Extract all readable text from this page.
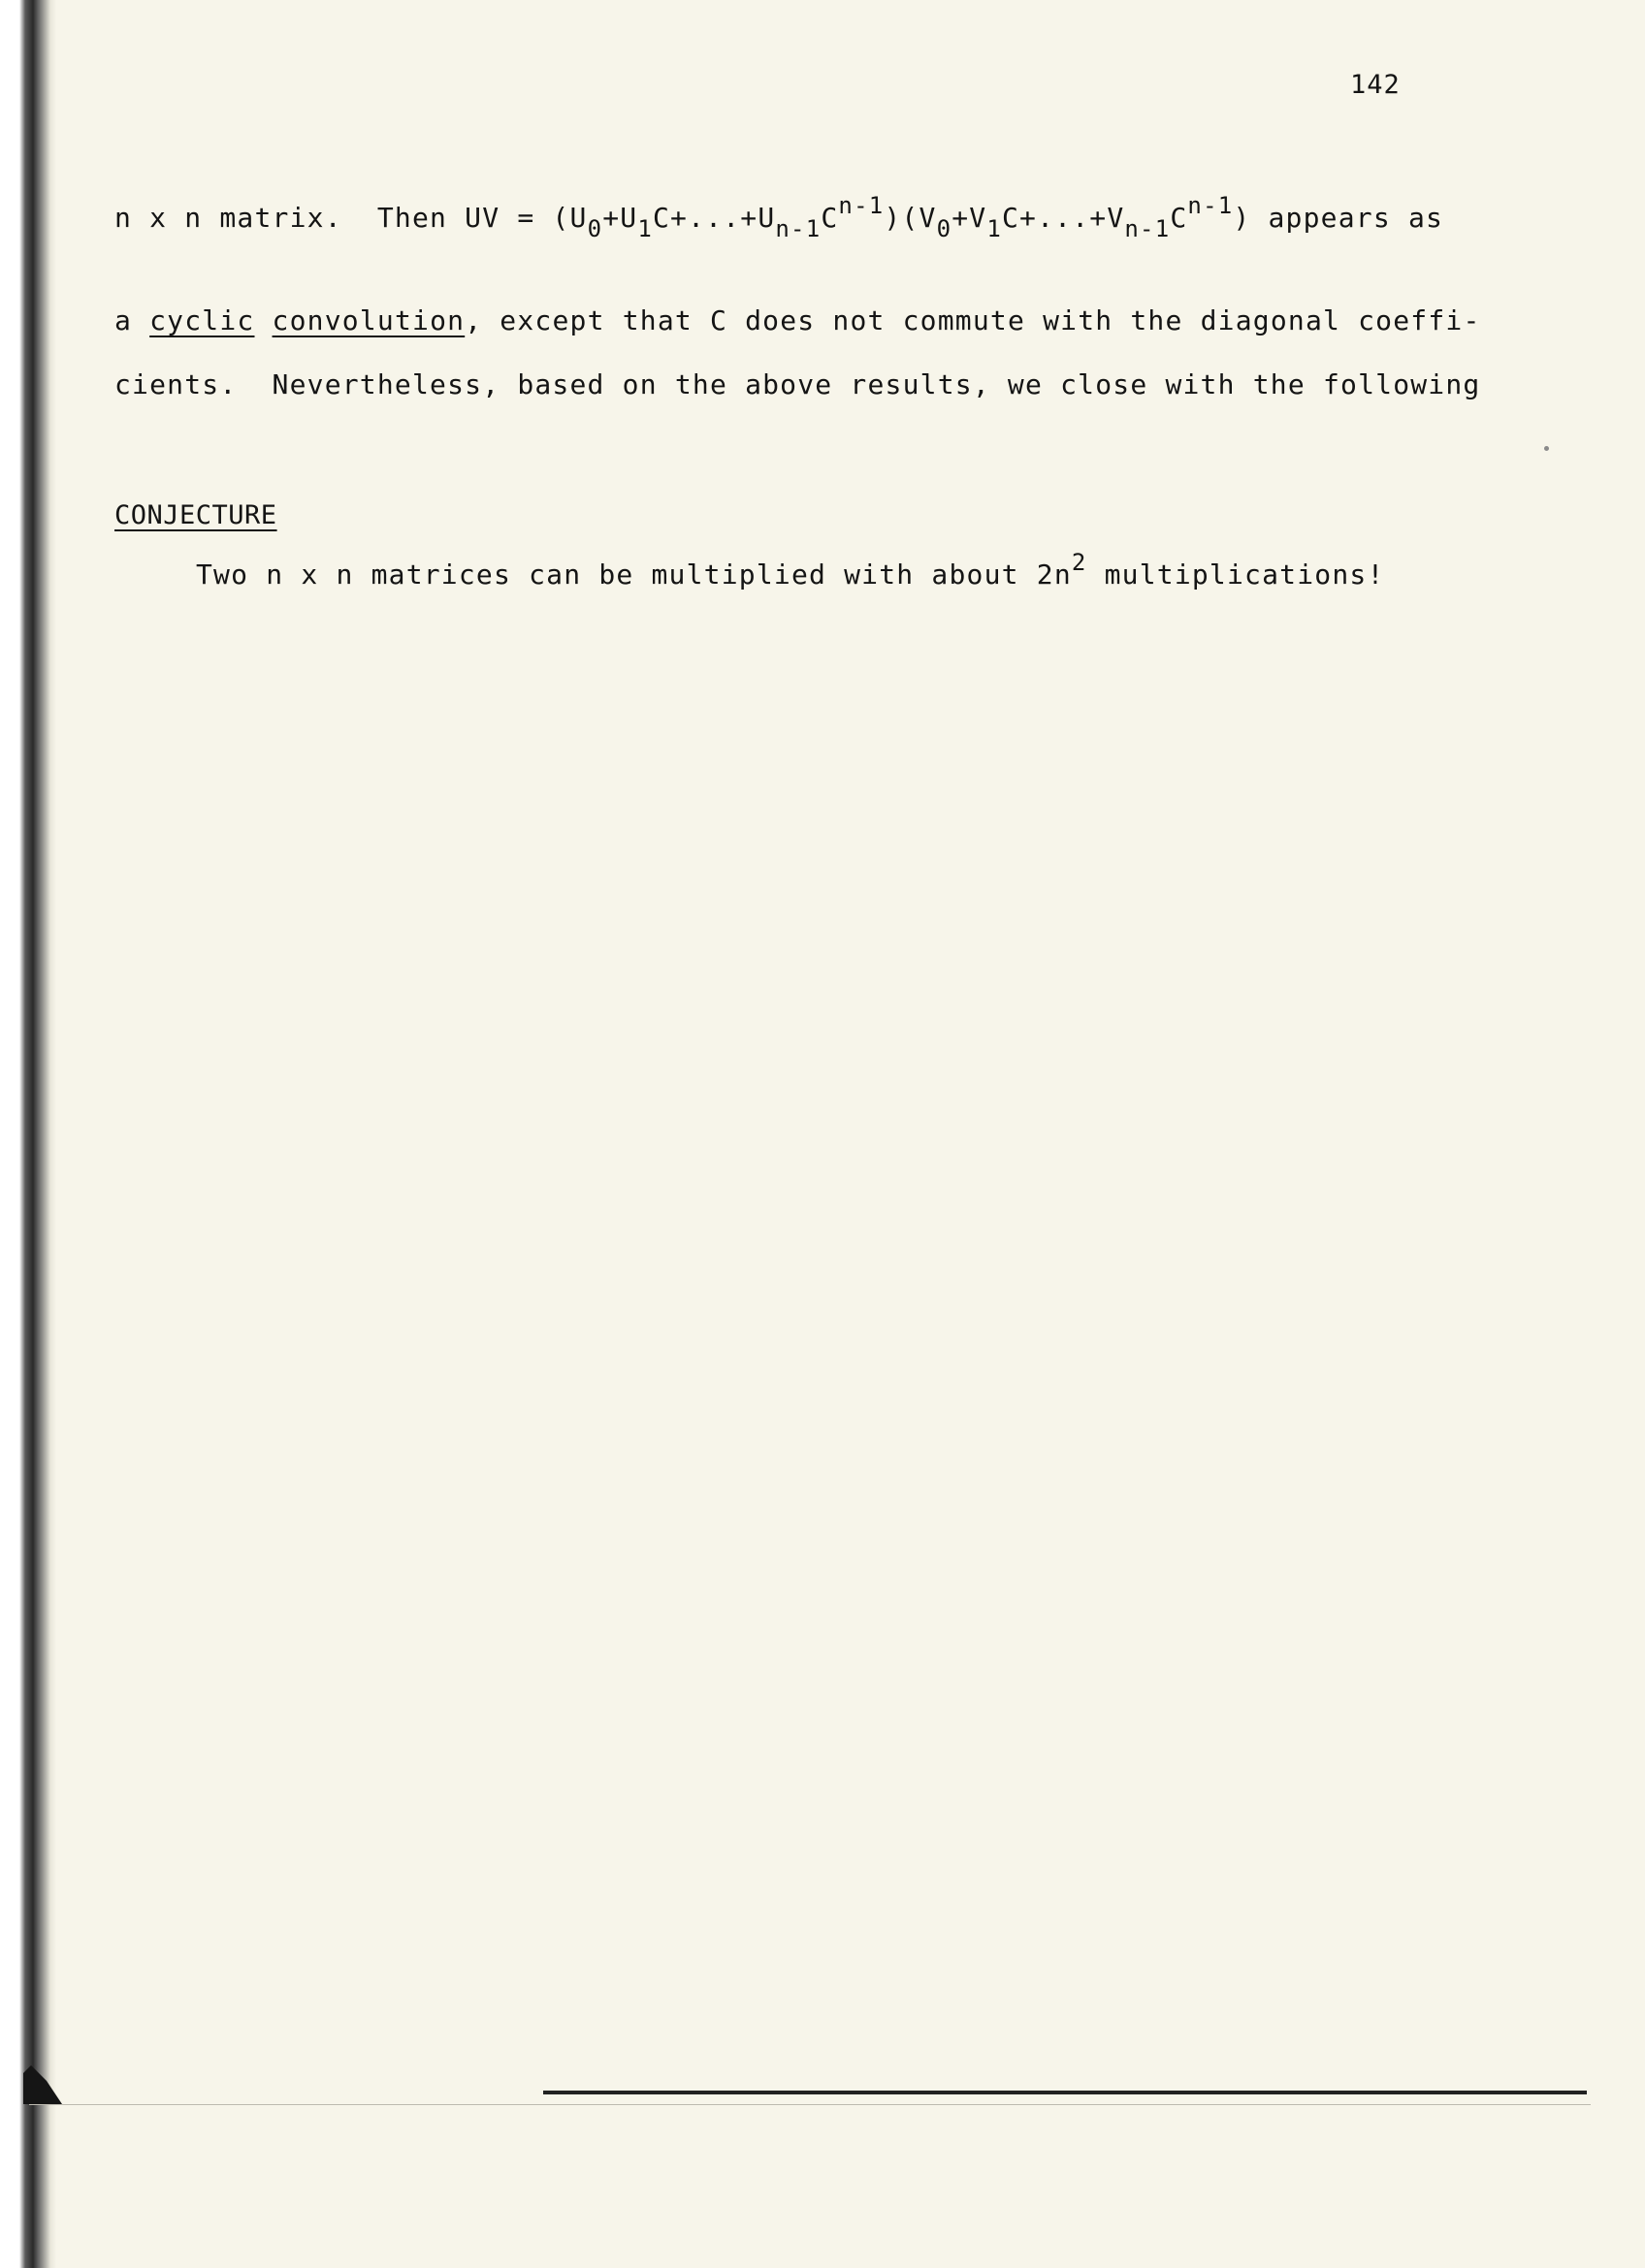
142
n x n matrix.  Then UV = $(U_0+U_1C+...+U_{n-1}C^{n-1})(V_0+V_1C+...+V_{n-1}C^{n-1})$ appears as
a cyclic convolution, except that C does not commute with the diagonal coeffi-
cients.  Nevertheless, based on the above results, we close with the following
CONJECTURE
Two n x n matrices can be multiplied with about $2n^2$ multiplications!
